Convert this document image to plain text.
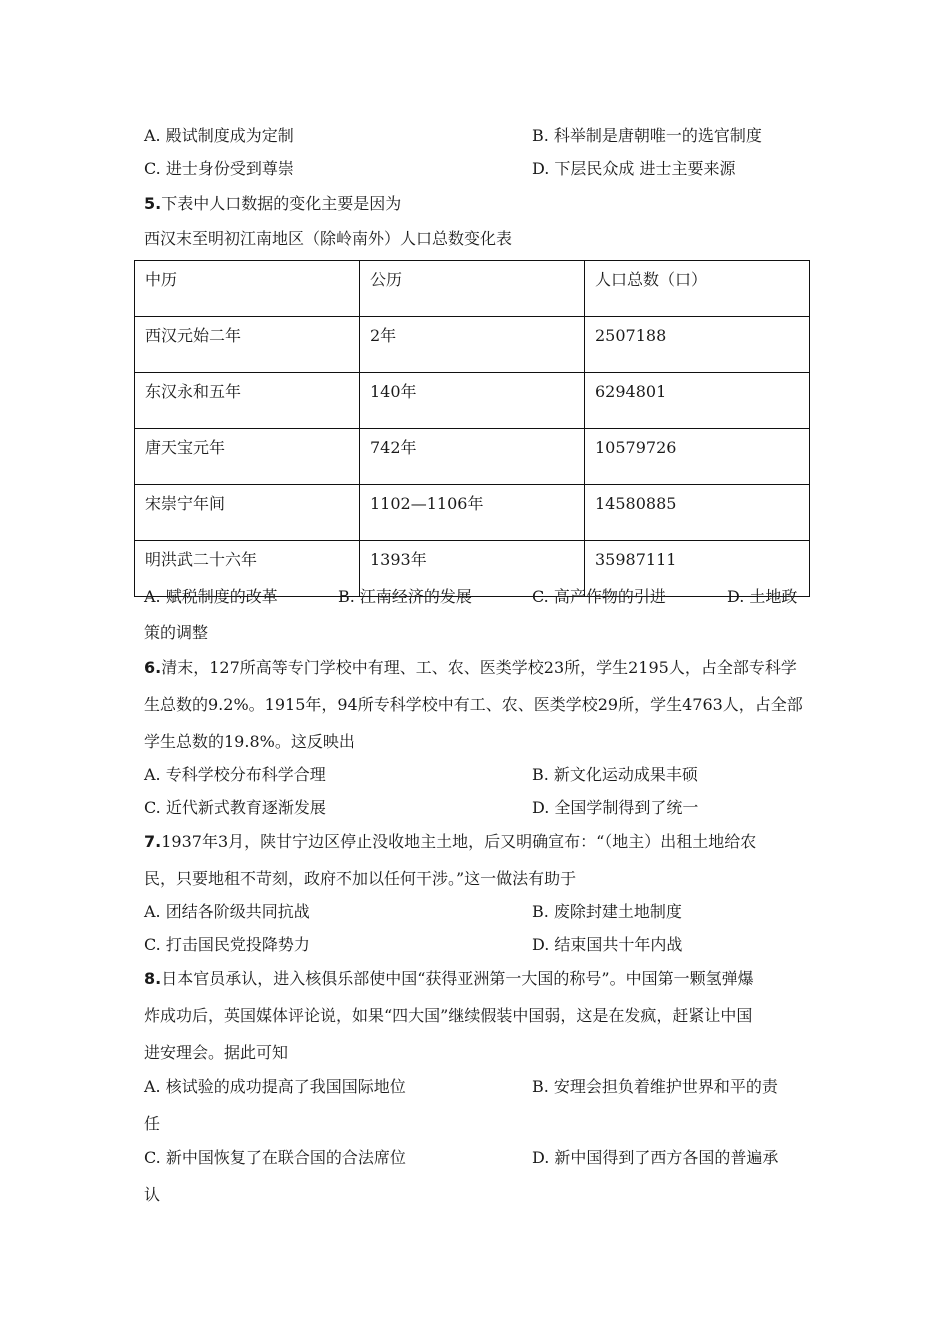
A. 殿试制度成为定制	B. 科举制是唐朝唯一的选官制度
C. 进士身份受到尊崇	D. 下层民众成 进士主要来源
5.下表中人口数据的变化主要是因为
西汉末至明初江南地区（除岭南外）人口总数变化表
中历	公历	人口总数（口）
西汉元始二年	2年	2507188
东汉永和五年	140年	6294801
唐天宝元年	742年	10579726
宋崇宁年间	1102—1106年	14580885
明洪武二十六年	1393年	35987111
A. 赋税制度的改革	B. 江南经济的发展	C. 高产作物的引进	D. 土地政
策的调整
6.清末，127所高等专门学校中有理、工、农、医类学校23所，学生2195人，占全部专科学
生总数的9.2%。1915年，94所专科学校中有工、农、医类学校29所，学生4763人，占全部
学生总数的19.8%。这反映出
A. 专科学校分布科学合理	B. 新文化运动成果丰硕
C. 近代新式教育逐渐发展	D. 全国学制得到了统一
7.1937年3月，陕甘宁边区停止没收地主土地，后又明确宣布：“（地主）出租土地给农
民，只要地租不苛刻，政府不加以任何干涉。”这一做法有助于
A. 团结各阶级共同抗战	B. 废除封建土地制度
C. 打击国民党投降势力	D. 结束国共十年内战
8.日本官员承认，进入核俱乐部使中国“获得亚洲第一大国的称号”。中国第一颗氢弹爆
炸成功后，英国媒体评论说，如果“四大国”继续假装中国弱，这是在发疯，赶紧让中国
进安理会。据此可知
A. 核试验的成功提高了我国国际地位	B. 安理会担负着维护世界和平的责
任
C. 新中国恢复了在联合国的合法席位	D. 新中国得到了西方各国的普遍承
认
